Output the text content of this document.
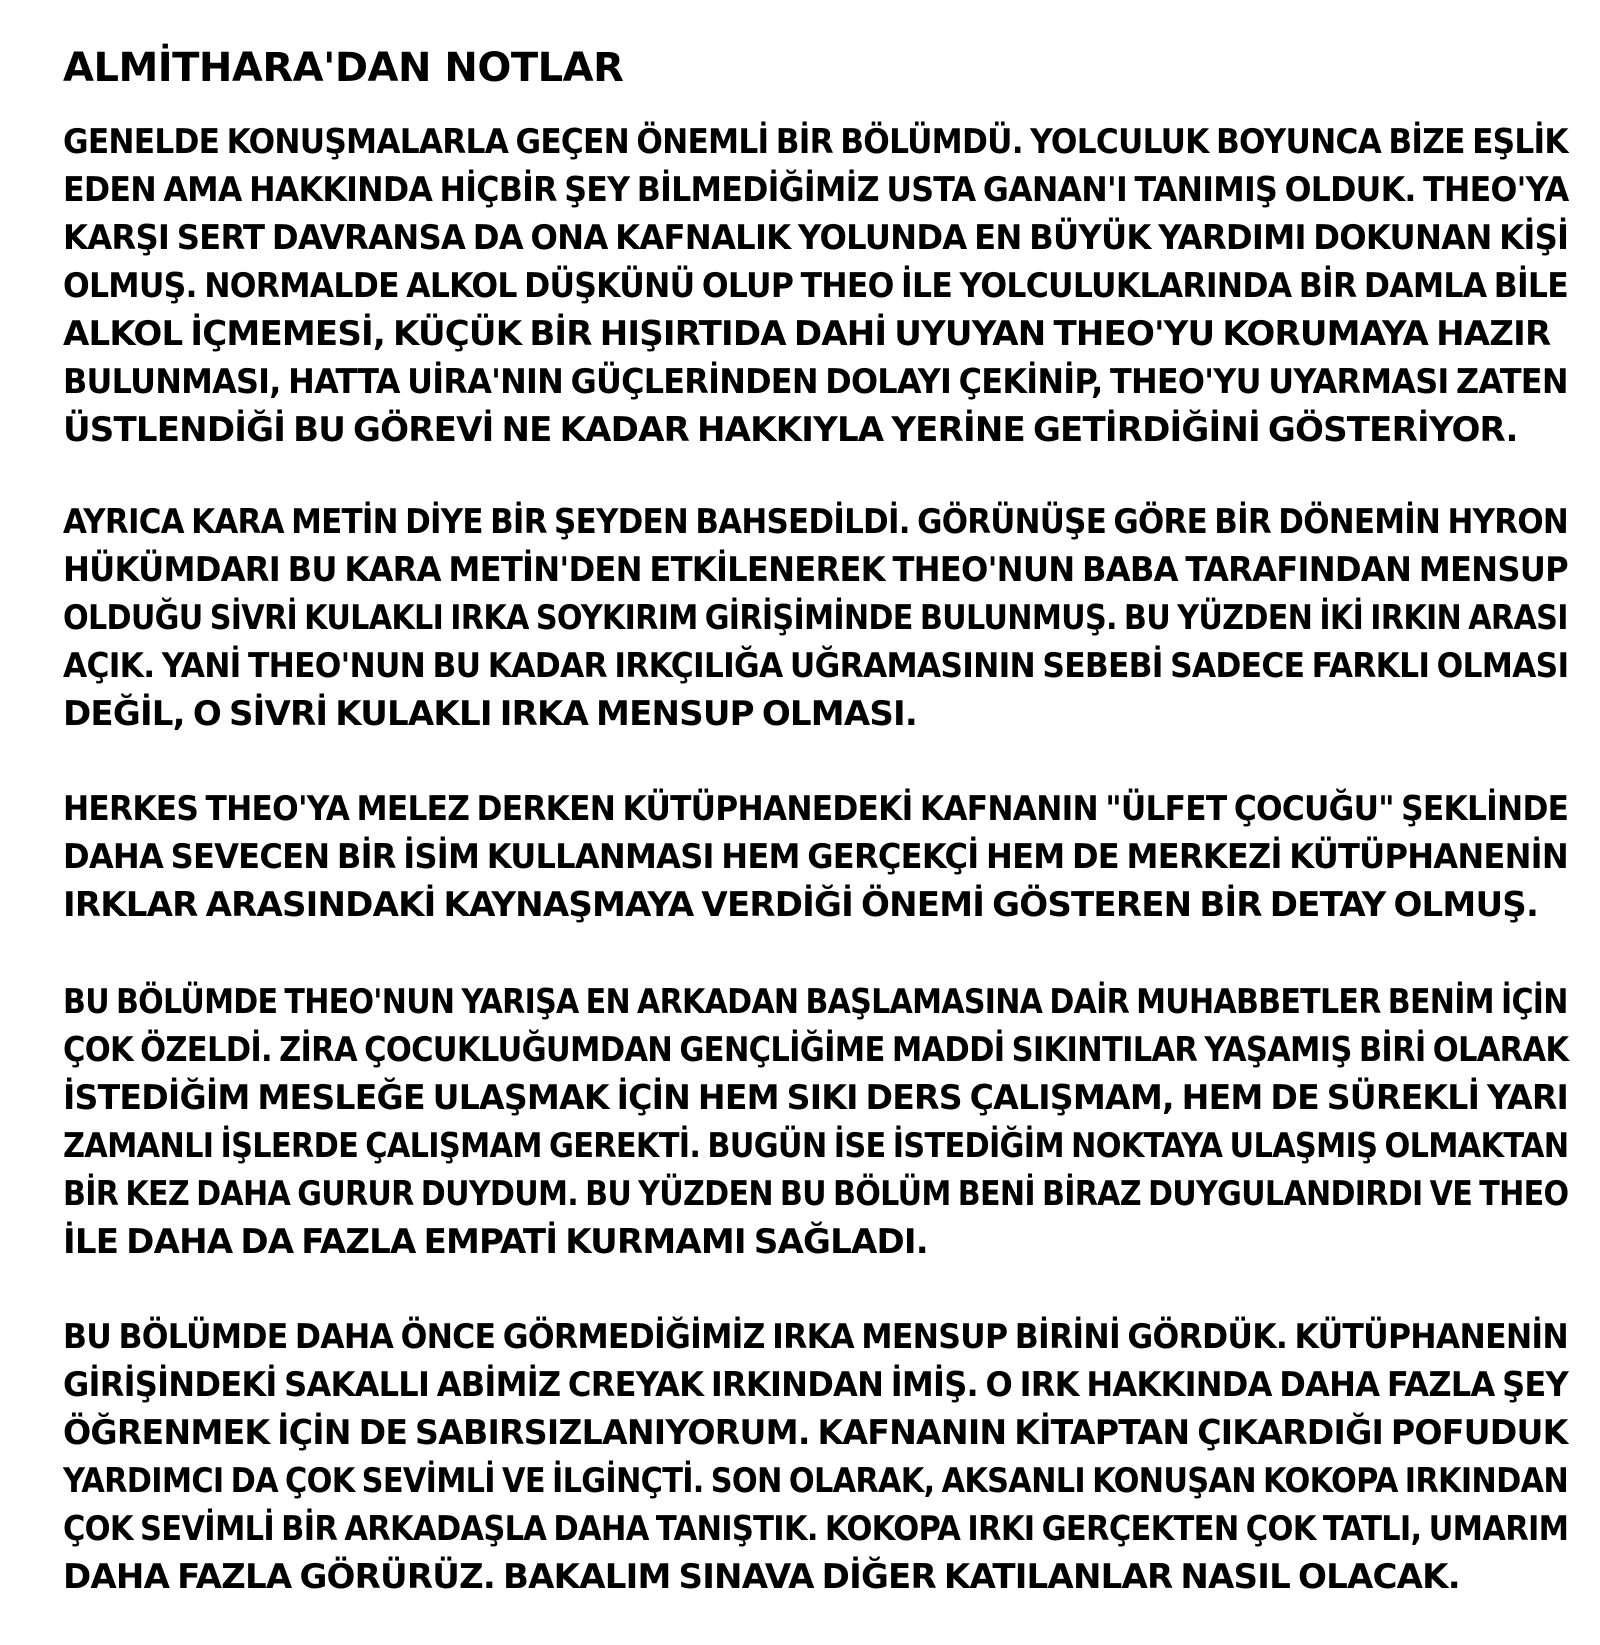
ALMİTHARA'DAN NOTLAR

GENELDE KONUŞMALARLA GEÇEN ÖNEMLİ BİR BÖLÜMDÜ. YOLCULUK BOYUNCA BİZE EŞLİK
EDEN AMA HAKKINDA HİÇBİR ŞEY BİLMEDİĞİMİZ USTA GANAN'I TANIMIŞ OLDUK. THEO'YA
KARŞI SERT DAVRANSA DA ONA KAFNALIK YOLUNDA EN BÜYÜK YARDIMI DOKUNAN KİŞİ
OLMUŞ. NORMALDE ALKOL DÜŞKÜNÜ OLUP THEO İLE YOLCULUKLARINDA BİR DAMLA BİLE
ALKOL İÇMEMESİ, KÜÇÜK BİR HIŞIRTIDA DAHİ UYUYAN THEO'YU KORUMAYA HAZIR
BULUNMASI, HATTA UİRA'NIN GÜÇLERİNDEN DOLAYI ÇEKİNİP, THEO'YU UYARMASI ZATEN
ÜSTLENDİĞİ BU GÖREVİ NE KADAR HAKKIYLA YERİNE GETİRDİĞİNİ GÖSTERİYOR.

AYRICA KARA METİN DİYE BİR ŞEYDEN BAHSEDİLDİ. GÖRÜNÜŞE GÖRE BİR DÖNEMİN HYRON
HÜKÜMDARI BU KARA METİN'DEN ETKİLENEREK THEO'NUN BABA TARAFINDAN MENSUP
OLDUĞU SİVRİ KULAKLI IRKA SOYKIRIM GİRİŞİMİNDE BULUNMUŞ. BU YÜZDEN İKİ IRKIN ARASI
AÇIK. YANİ THEO'NUN BU KADAR IRKÇILIĞA UĞRAMASININ SEBEBİ SADECE FARKLI OLMASI
DEĞİL, O SİVRİ KULAKLI IRKA MENSUP OLMASI.

HERKES THEO'YA MELEZ DERKEN KÜTÜPHANEDEKİ KAFNANIN "ÜLFET ÇOCUĞU" ŞEKLİNDE
DAHA SEVECEN BİR İSİM KULLANMASI HEM GERÇEKÇİ HEM DE MERKEZİ KÜTÜPHANENİN
IRKLAR ARASINDAKİ KAYNAŞMAYA VERDİĞİ ÖNEMİ GÖSTEREN BİR DETAY OLMUŞ.

BU BÖLÜMDE THEO'NUN YARIŞA EN ARKADAN BAŞLAMASINA DAİR MUHABBETLER BENİM İÇİN
ÇOK ÖZELDİ. ZİRA ÇOCUKLUĞUMDAN GENÇLİĞİME MADDİ SIKINTILAR YAŞAMIŞ BİRİ OLARAK
İSTEDİĞİM MESLEĞE ULAŞMAK İÇİN HEM SIKI DERS ÇALIŞMAM, HEM DE SÜREKLİ YARI
ZAMANLI İŞLERDE ÇALIŞMAM GEREKTİ. BUGÜN İSE İSTEDİĞİM NOKTAYA ULAŞMIŞ OLMAKTAN
BİR KEZ DAHA GURUR DUYDUM. BU YÜZDEN BU BÖLÜM BENİ BİRAZ DUYGULANDIRDI VE THEO
İLE DAHA DA FAZLA EMPATİ KURMAMI SAĞLADI.

BU BÖLÜMDE DAHA ÖNCE GÖRMEDİĞİMİZ IRKA MENSUP BİRİNİ GÖRDÜK. KÜTÜPHANENİN
GİRİŞİNDEKİ SAKALLI ABİMİZ CREYAK IRKINDAN İMİŞ. O IRK HAKKINDA DAHA FAZLA ŞEY
ÖĞRENMEK İÇİN DE SABIRSIZLANIYORUM. KAFNANIN KİTAPTAN ÇIKARDIĞI POFUDUK
YARDIMCI DA ÇOK SEVİMLİ VE İLGİNÇTİ. SON OLARAK, AKSANLI KONUŞAN KOKOPA IRKINDAN
ÇOK SEVİMLİ BİR ARKADAŞLA DAHA TANIŞTIK. KOKOPA IRKI GERÇEKTEN ÇOK TATLI, UMARIM
DAHA FAZLA GÖRÜRÜZ. BAKALIM SINAVA DİĞER KATILANLAR NASIL OLACAK.
